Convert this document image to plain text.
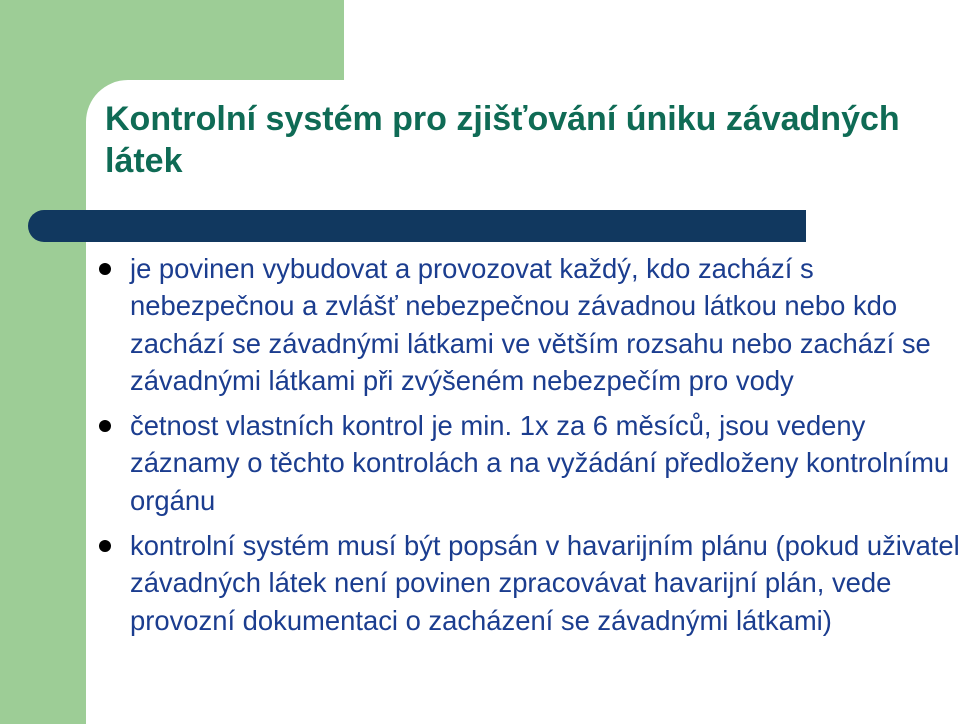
Kontrolní systém pro zjišťování úniku závadných látek
je povinen vybudovat a provozovat každý, kdo zachází s nebezpečnou a zvlášť nebezpečnou závadnou látkou nebo kdo zachází se závadnými látkami ve větším rozsahu nebo zachází se závadnými látkami při zvýšeném nebezpečím pro vody
četnost vlastních kontrol je min. 1x za 6 měsíců, jsou vedeny záznamy o těchto kontrolách a na vyžádání předloženy kontrolnímu orgánu
kontrolní systém musí být popsán v havarijním plánu (pokud uživatel závadných látek není povinen zpracovávat havarijní plán, vede provozní dokumentaci o zacházení se závadnými látkami)
